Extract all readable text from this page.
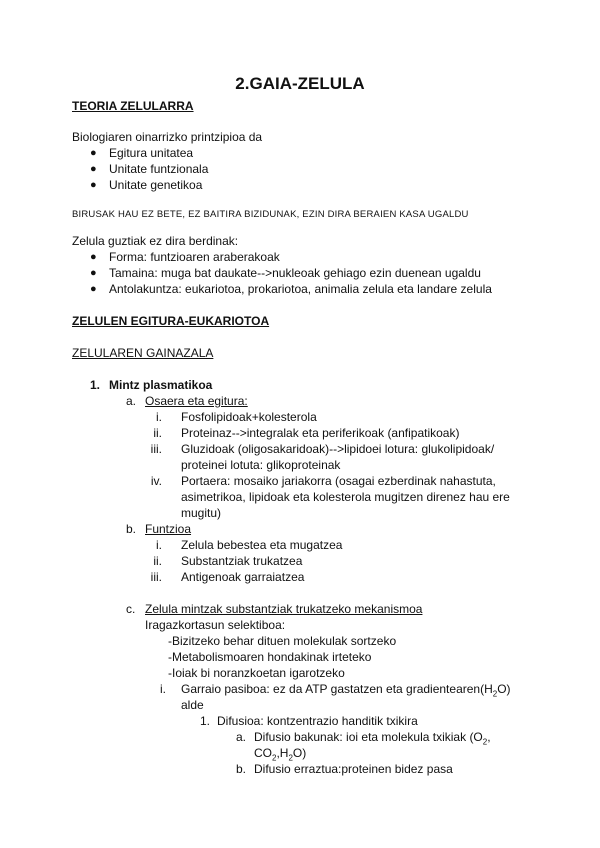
2.GAIA-ZELULA
TEORIA ZELULARRA
Biologiaren oinarrizko printzipioa da
● Egitura unitatea
● Unitate funtzionala
● Unitate genetikoa
BIRUSAK HAU EZ BETE, EZ BAITIRA BIZIDUNAK, EZIN DIRA BERAIEN KASA UGALDU
Zelula guztiak ez dira berdinak:
● Forma: funtzioaren araberakoak
● Tamaina: muga bat daukate-->nukleoak gehiago ezin duenean ugaldu
● Antolakuntza: eukariotoa, prokariotoa, animalia zelula eta landare zelula
ZELULEN EGITURA-EUKARIOTOA
ZELULAREN GAINAZALA
1. Mintz plasmatikoa
a. Osaera eta egitura:
i. Fosfolipidoak+kolesterola
ii. Proteinaz-->integralak eta periferikoak (anfipatikoak)
iii. Gluzidoak (oligosakaridoak)-->lipidoei lotura: glukolipidoak/
proteinei lotuta: glikoproteinak
iv. Portaera: mosaiko jariakorra (osagai ezberdinak nahastuta,
asimetrikoa, lipidoak eta kolesterola mugitzen direnez hau ere
mugitu)
b. Funtzioa
i. Zelula bebestea eta mugatzea
ii. Substantziak trukatzea
iii. Antigenoak garraiatzea
c. Zelula mintzak substantziak trukatzeko mekanismoa
Iragazkortasun selektiboa:
-Bizitzeko behar dituen molekulak sortzeko
-Metabolismoaren hondakinak irteteko
-Ioiak bi noranzkoetan igarotzeko
i. Garraio pasiboa: ez da ATP gastatzen eta $gradientearen(H_2O)$
alde
1. Difusioa: kontzentrazio handitik txikira
a. Difusio bakunak: ioi eta molekula txikiak ($O_2$,
$CO_2,H_2O$)
b. Difusio erraztua:proteinen bidez pasa
